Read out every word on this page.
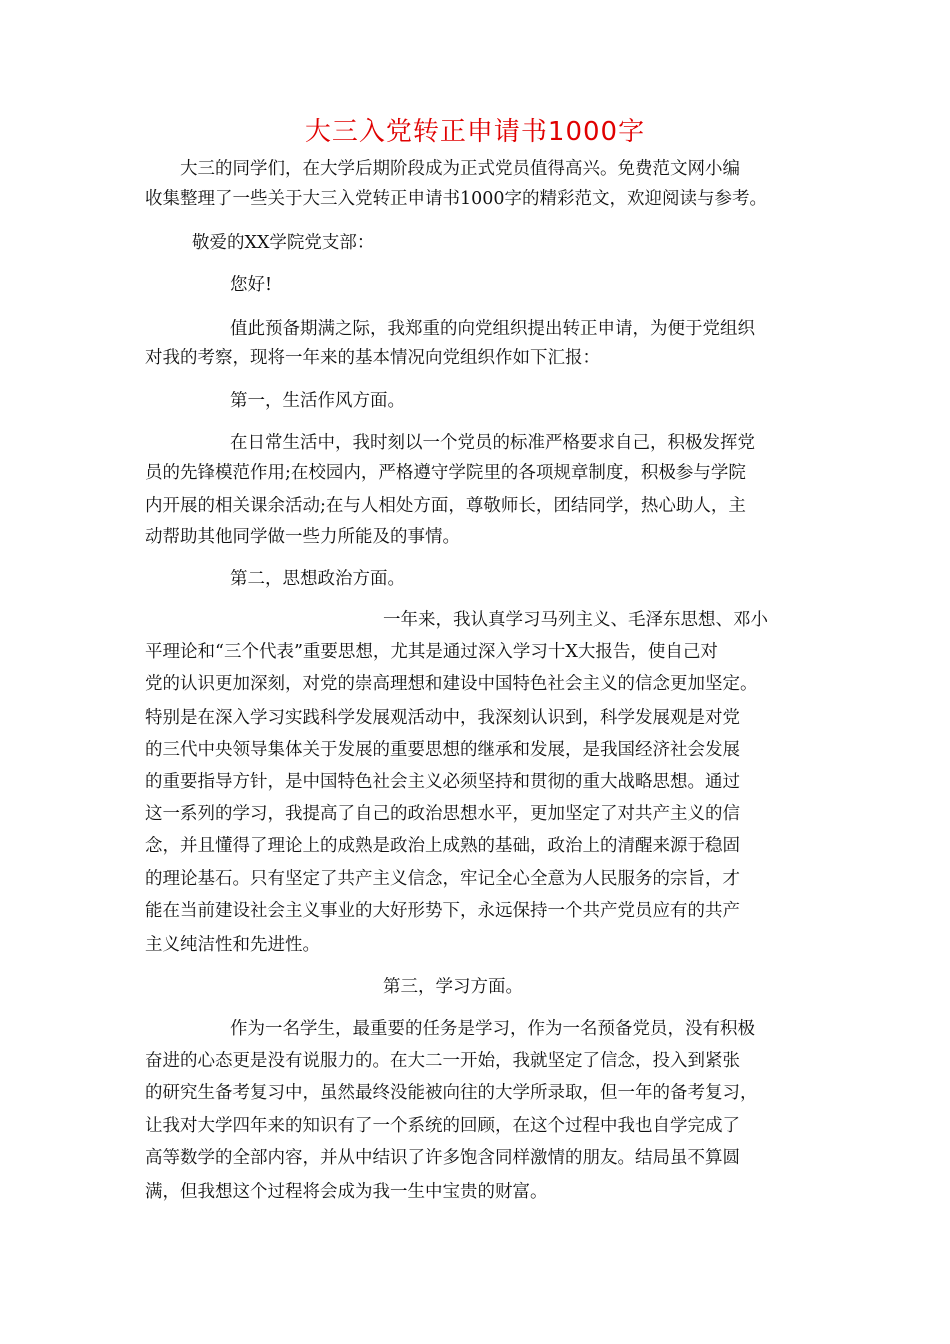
大三入党转正申请书1000字
大三的同学们，在大学后期阶段成为正式党员值得高兴。免费范文网小编
收集整理了一些关于大三入党转正申请书1000字的精彩范文，欢迎阅读与参考。
敬爱的XX学院党支部：
您好!
值此预备期满之际，我郑重的向党组织提出转正申请，为便于党组织
对我的考察，现将一年来的基本情况向党组织作如下汇报：
第一，生活作风方面。
在日常生活中，我时刻以一个党员的标准严格要求自己，积极发挥党
员的先锋模范作用;在校园内，严格遵守学院里的各项规章制度，积极参与学院
内开展的相关课余活动;在与人相处方面，尊敬师长，团结同学，热心助人，主
动帮助其他同学做一些力所能及的事情。
第二，思想政治方面。
一年来，我认真学习马列主义、毛泽东思想、邓小
平理论和“三个代表”重要思想，尤其是通过深入学习十X大报告，使自己对
党的认识更加深刻，对党的崇高理想和建设中国特色社会主义的信念更加坚定。
特别是在深入学习实践科学发展观活动中，我深刻认识到，科学发展观是对党
的三代中央领导集体关于发展的重要思想的继承和发展，是我国经济社会发展
的重要指导方针，是中国特色社会主义必须坚持和贯彻的重大战略思想。通过
这一系列的学习，我提高了自己的政治思想水平，更加坚定了对共产主义的信
念，并且懂得了理论上的成熟是政治上成熟的基础，政治上的清醒来源于稳固
的理论基石。只有坚定了共产主义信念，牢记全心全意为人民服务的宗旨，才
能在当前建设社会主义事业的大好形势下，永远保持一个共产党员应有的共产
主义纯洁性和先进性。
第三，学习方面。
作为一名学生，最重要的任务是学习，作为一名预备党员，没有积极
奋进的心态更是没有说服力的。在大二一开始，我就坚定了信念，投入到紧张
的研究生备考复习中，虽然最终没能被向往的大学所录取，但一年的备考复习，
让我对大学四年来的知识有了一个系统的回顾，在这个过程中我也自学完成了
高等数学的全部内容，并从中结识了许多饱含同样激情的朋友。结局虽不算圆
满，但我想这个过程将会成为我一生中宝贵的财富。
